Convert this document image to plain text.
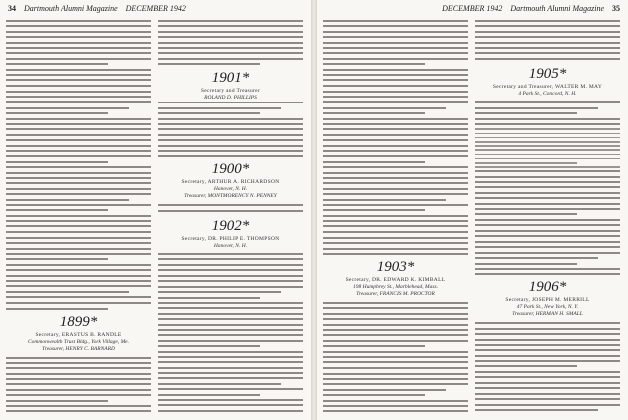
34 Dartmouth Alumni Magazine DECEMBER 1942	DECEMBER 1942 Dartmouth Alumni Magazine 35
1899*
Secretary, ERASTUS B. RANDLE
Commonwealth Trust Bldg., York Village, Me.
Treasurer, HENRY C. BARNARD
1900*
Secretary, ARTHUR A. RICHARDSON
Hanover, N. H.
Treasurer, MONTMORENCY N. PENNEY
1903*
Secretary, DR. EDWARD K. KIMBALL
198 Humphrey St., Marblehead, Mass.
Treasurer, FRANCIS M. PROCTOR	1906*
Secretary, JOSEPH M. MERRILL
47 Park St., New York, N. Y.
Treasurer, HERMAN H. SMALL
1902*
Secretary, DR. PHILIP E. THOMPSON
Hanover, N. H.
1901*
Secretary and Treasurer
ROLAND D. PHILLIPS
1905*
Secretary and Treasurer, WALTER M. MAY
4 Park St., Concord, N. H.
